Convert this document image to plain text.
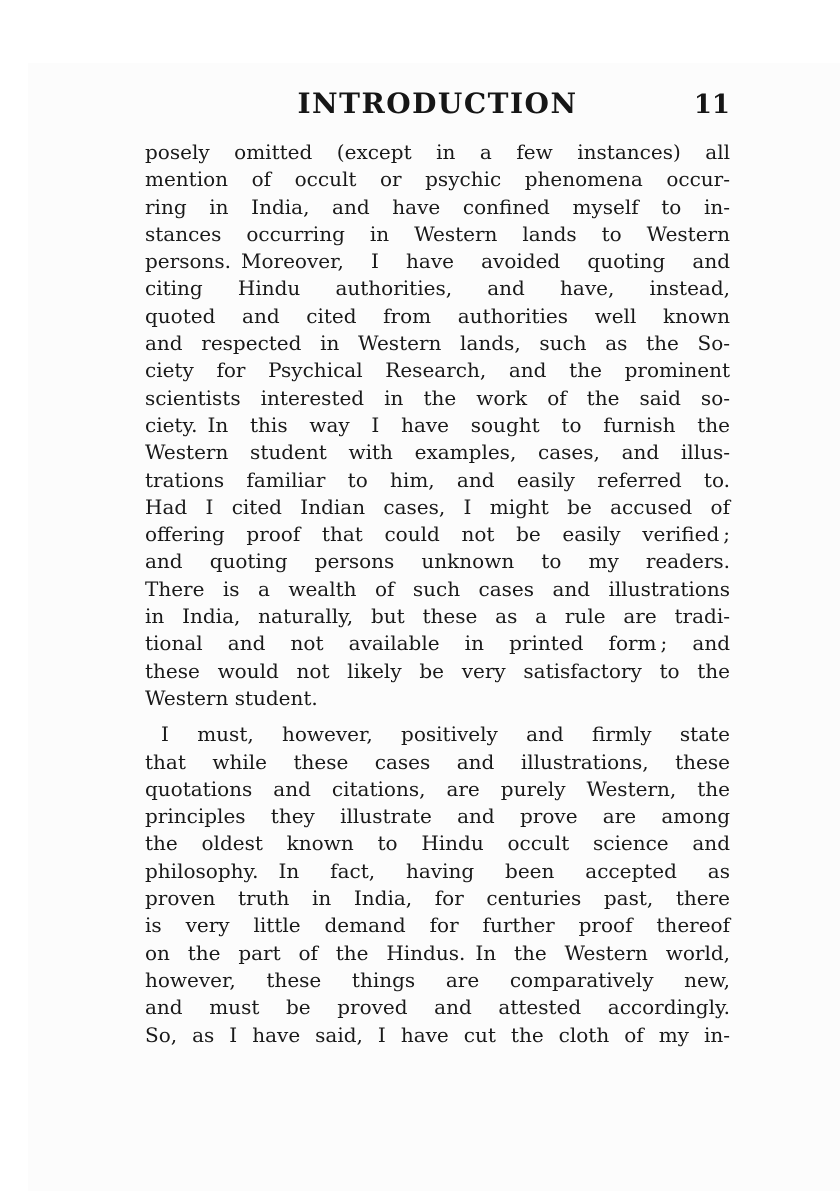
INTRODUCTION	11
posely omitted (except in a few instances) all
mention of occult or psychic phenomena occur-
ring in India, and have confined myself to in-
stances occurring in Western lands to Western
persons. Moreover, I have avoided quoting and
citing Hindu authorities, and have, instead,
quoted and cited from authorities well known
and respected in Western lands, such as the So-
ciety for Psychical Research, and the prominent
scientists interested in the work of the said so-
ciety. In this way I have sought to furnish the
Western student with examples, cases, and illus-
trations familiar to him, and easily referred to.
Had I cited Indian cases, I might be accused of
offering proof that could not be easily verified ;
and quoting persons unknown to my readers.
There is a wealth of such cases and illustrations
in India, naturally, but these as a rule are tradi-
tional and not available in printed form ; and
these would not likely be very satisfactory to the
Western student.
I must, however, positively and firmly state
that while these cases and illustrations, these
quotations and citations, are purely Western, the
principles they illustrate and prove are among
the oldest known to Hindu occult science and
philosophy. In fact, having been accepted as
proven truth in India, for centuries past, there
is very little demand for further proof thereof
on the part of the Hindus. In the Western world,
however, these things are comparatively new,
and must be proved and attested accordingly.
So, as I have said, I have cut the cloth of my in-
